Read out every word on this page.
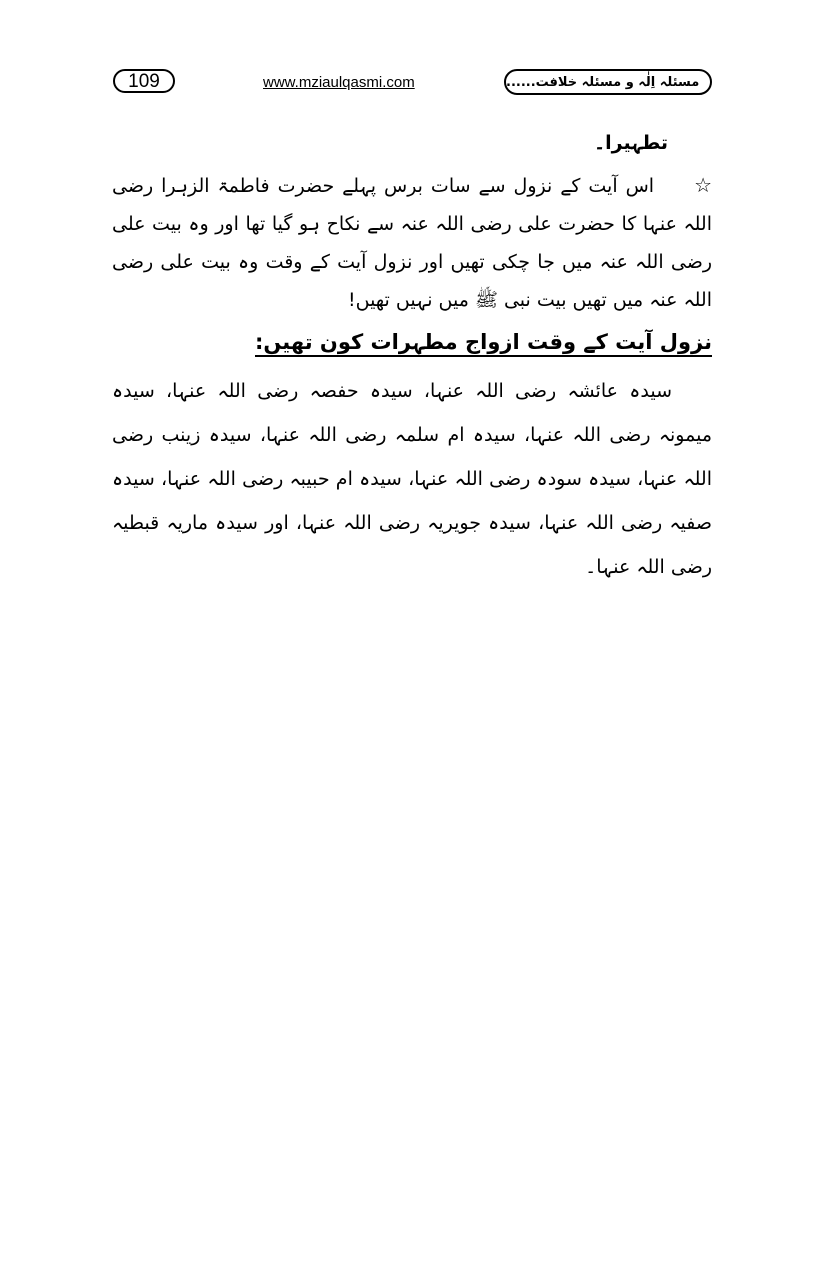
109	www.mziaulqasmi.com	مسئلہ اِلٰہ و مسئلہ خلافت......

تطہیرا۔

☆اس آیت کے نزول سے سات برس پہلے حضرت فاطمۃ الزہرا رضی اللہ عنہا کا حضرت علی رضی اللہ عنہ سے نکاح ہو گیا تھا اور وہ بیت علی رضی اللہ عنہ میں جا چکی تھیں اور نزول آیت کے وقت وہ بیت علی رضی اللہ عنہ میں تھیں بیت نبی ﷺ میں نہیں تھیں!

نزول آیت کے وقت ازواج مطہرات کون تھیں:

سیدہ عائشہ رضی اللہ عنہا، سیدہ حفصہ رضی اللہ عنہا، سیدہ میمونہ رضی اللہ عنہا، سیدہ ام سلمہ رضی اللہ عنہا، سیدہ زینب رضی اللہ عنہا، سیدہ سودہ رضی اللہ عنہا، سیدہ ام حبیبہ رضی اللہ عنہا، سیدہ صفیہ رضی اللہ عنہا، سیدہ جویریہ رضی اللہ عنہا، اور سیدہ ماریہ قبطیہ رضی اللہ عنہا۔
